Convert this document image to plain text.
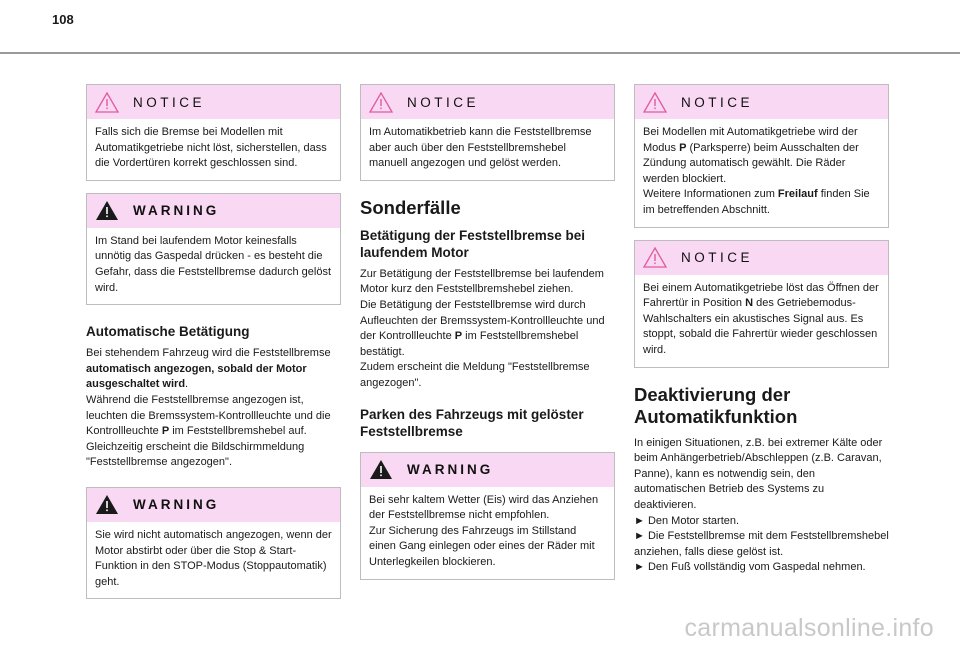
108
NOTICE
Falls sich die Bremse bei Modellen mit Automatikgetriebe nicht löst, sicherstellen, dass die Vordertüren korrekt geschlossen sind.
WARNING
Im Stand bei laufendem Motor keinesfalls unnötig das Gaspedal drücken - es besteht die Gefahr, dass die Feststellbremse dadurch gelöst wird.
Automatische Betätigung

Bei stehendem Fahrzeug wird die Feststellbremse automatisch angezogen, sobald der Motor ausgeschaltet wird.

Während die Feststellbremse angezogen ist, leuchten die Bremssystem-Kontrollleuchte und die Kontrollleuchte P im Feststellbremshebel auf.

Gleichzeitig erscheint die Bildschirmmeldung "Feststellbremse angezogen".

WARNING
Sie wird nicht automatisch angezogen, wenn der Motor abstirbt oder über die Stop & Start-Funktion in den STOP-Modus (Stoppautomatik) geht.
NOTICE
Im Automatikbetrieb kann die Feststellbremse aber auch über den Feststellbremshebel manuell angezogen und gelöst werden.
Sonderfälle
Betätigung der Feststellbremse bei laufendem Motor

Zur Betätigung der Feststellbremse bei laufendem Motor kurz den Feststellbremshebel ziehen.

Die Betätigung der Feststellbremse wird durch Aufleuchten der Bremssystem-Kontrollleuchte und der Kontrollleuchte P im Feststellbremshebel bestätigt.

Zudem erscheint die Meldung "Feststellbremse angezogen".

Parken des Fahrzeugs mit gelöster Feststellbremse
WARNING
Bei sehr kaltem Wetter (Eis) wird das Anziehen der Feststellbremse nicht empfohlen.
Zur Sicherung des Fahrzeugs im Stillstand einen Gang einlegen oder eines der Räder mit Unterlegkeilen blockieren.
NOTICE
Bei Modellen mit Automatikgetriebe wird der Modus P (Parksperre) beim Ausschalten der Zündung automatisch gewählt. Die Räder werden blockiert.
Weitere Informationen zum Freilauf finden Sie im betreffenden Abschnitt.
NOTICE
Bei einem Automatikgetriebe löst das Öffnen der Fahrertür in Position N des Getriebemodus-Wahlschalters ein akustisches Signal aus. Es stoppt, sobald die Fahrertür wieder geschlossen wird.
Deaktivierung der Automatikfunktion

In einigen Situationen, z.B. bei extremer Kälte oder beim Anhängerbetrieb/Abschleppen (z.B. Caravan, Panne), kann es notwendig sein, den automatischen Betrieb des Systems zu deaktivieren.

► Den Motor starten.

► Die Feststellbremse mit dem Feststellbremshebel anziehen, falls diese gelöst ist.

► Den Fuß vollständig vom Gaspedal nehmen.

carmanualsonline.info
